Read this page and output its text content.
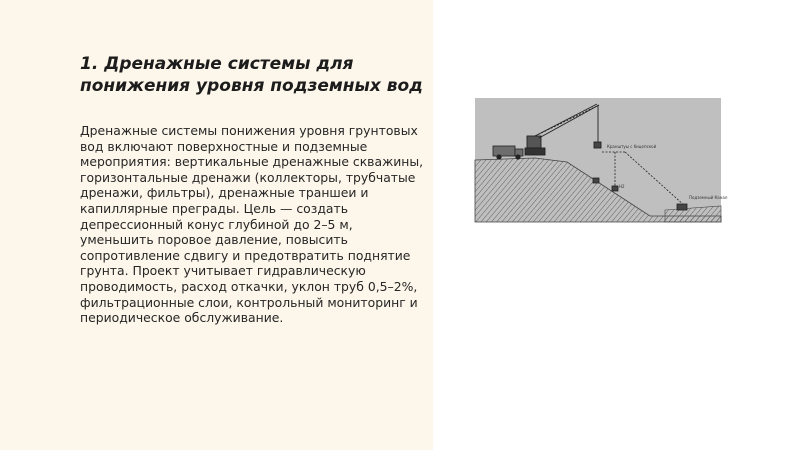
1. Дренажные системы для понижения уровня подземных вод

Дренажные системы понижения уровня грунтовых вод включают поверхностные и подземные мероприятия: вертикальные дренажные скважины, горизонтальные дренажи (коллекторы, трубчатые дренажи, фильтры), дренажные траншеи и капиллярные преграды. Цель — создать депрессионный конус глубиной до 2–5 м, уменьшить поровое давление, повысить сопротивление сдвигу и предотвратить поднятие грунта. Проект учитывает гидравлическую проводимость, расход откачки, уклон труб 0,5–2%, фильтрационные слои, контрольный мониторинг и периодическое обслуживание.

Кранштуы с бицепской
Н2
Подземный Канал
